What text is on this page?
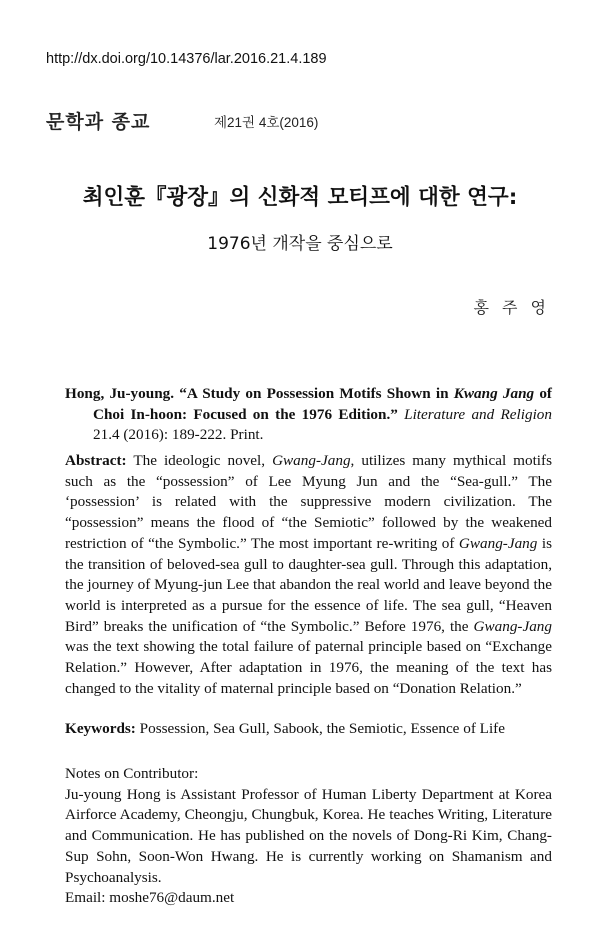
http://dx.doi.org/10.14376/lar.2016.21.4.189
문학과 종교	제21권 4호(2016)
최인훈『광장』의 신화적 모티프에 대한 연구:
1976년 개작을 중심으로
홍 주 영
Hong, Ju-young. “A Study on Possession Motifs Shown in Kwang Jang of Choi In-hoon: Focused on the 1976 Edition.” Literature and Religion 21.4 (2016): 189-222. Print.
Abstract: The ideologic novel, Gwang-Jang, utilizes many mythical motifs such as the “possession” of Lee Myung Jun and the “Sea-gull.” The ‘possession’ is related with the suppressive modern civilization. The “possession” means the flood of “the Semiotic” followed by the weakened restriction of “the Symbolic.” The most important re-writing of Gwang-Jang is the transition of beloved-sea gull to daughter-sea gull. Through this adaptation, the journey of Myung-jun Lee that abandon the real world and leave beyond the world is interpreted as a pursue for the essence of life. The sea gull, “Heaven Bird” breaks the unification of “the Symbolic.” Before 1976, the Gwang-Jang was the text showing the total failure of paternal principle based on “Exchange Relation.” However, After adaptation in 1976, the meaning of the text has changed to the vitality of maternal principle based on “Donation Relation.”
Keywords: Possession, Sea Gull, Sabook, the Semiotic, Essence of Life
Notes on Contributor:
Ju-young Hong is Assistant Professor of Human Liberty Department at Korea Airforce Academy, Cheongju, Chungbuk, Korea. He teaches Writing, Literature and Communication. He has published on the novels of Dong-Ri Kim, Chang-Sup Sohn, Soon-Won Hwang. He is currently working on Shamanism and Psychoanalysis.
Email: moshe76@daum.net
